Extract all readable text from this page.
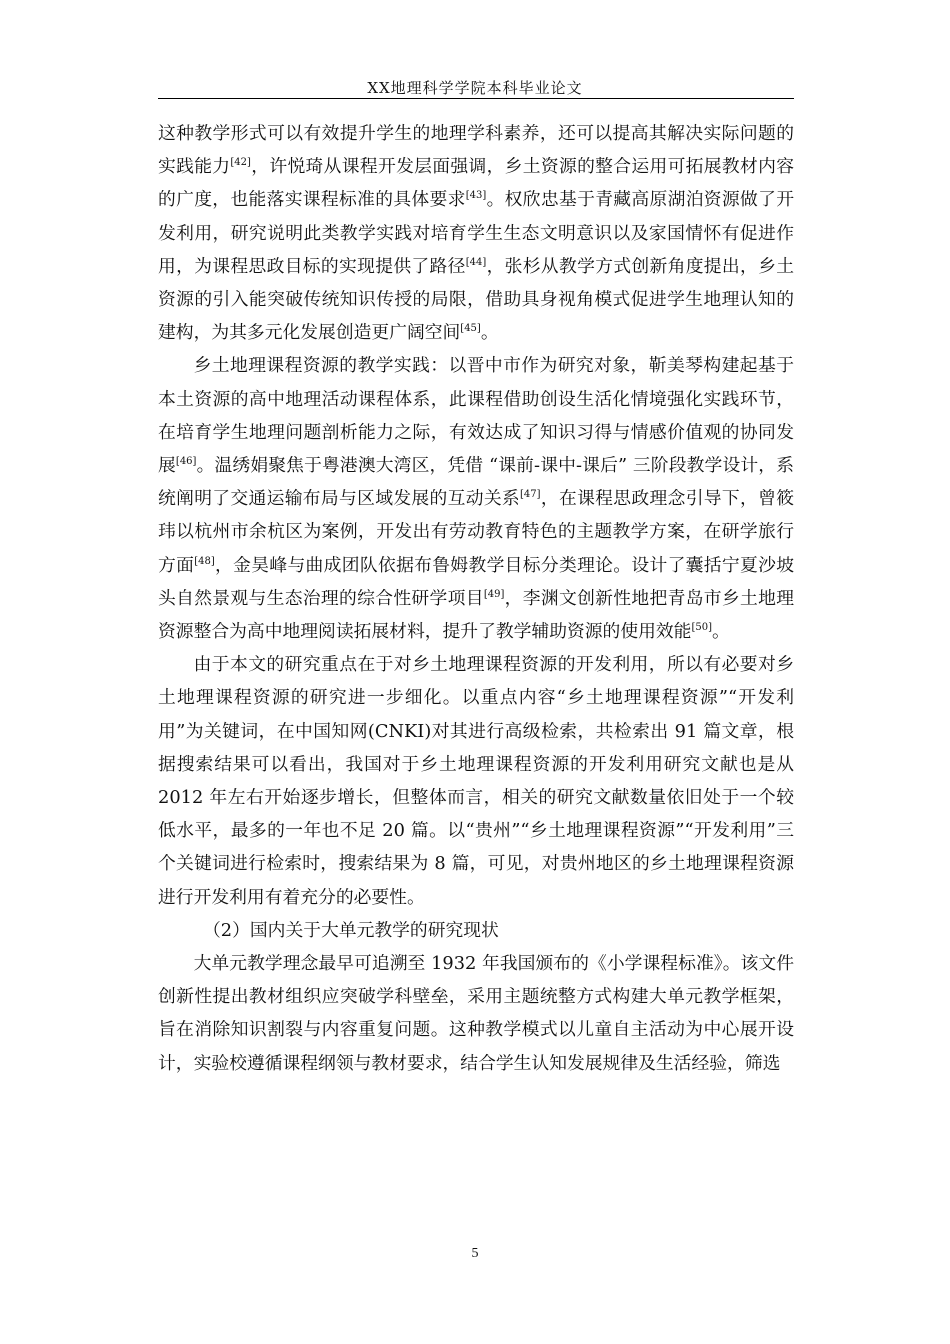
XX地理科学学院本科毕业论文

这种教学形式可以有效提升学生的地理学科素养，还可以提高其解决实际问题的实践能力[42]，许悦琦从课程开发层面强调，乡土资源的整合运用可拓展教材内容的广度，也能落实课程标准的具体要求[43]。权欣忠基于青藏高原湖泊资源做了开发利用，研究说明此类教学实践对培育学生生态文明意识以及家国情怀有促进作用，为课程思政目标的实现提供了路径[44]，张杉从教学方式创新角度提出，乡土资源的引入能突破传统知识传授的局限，借助具身视角模式促进学生地理认知的建构，为其多元化发展创造更广阔空间[45]。

乡土地理课程资源的教学实践：以晋中市作为研究对象，靳美琴构建起基于本土资源的高中地理活动课程体系，此课程借助创设生活化情境强化实践环节，在培育学生地理问题剖析能力之际，有效达成了知识习得与情感价值观的协同发展[46]。温绣娟聚焦于粤港澳大湾区，凭借 “课前-课中-课后” 三阶段教学设计，系统阐明了交通运输布局与区域发展的互动关系[47]，在课程思政理念引导下，曾筱玮以杭州市余杭区为案例，开发出有劳动教育特色的主题教学方案，在研学旅行方面[48]，金昊峰与曲成团队依据布鲁姆教学目标分类理论。设计了囊括宁夏沙坡头自然景观与生态治理的综合性研学项目[49]，李渊文创新性地把青岛市乡土地理资源整合为高中地理阅读拓展材料，提升了教学辅助资源的使用效能[50]。

由于本文的研究重点在于对乡土地理课程资源的开发利用，所以有必要对乡土地理课程资源的研究进一步细化。以重点内容“乡土地理课程资源”“开发利用”为关键词，在中国知网(CNKI)对其进行高级检索，共检索出 91 篇文章，根据搜索结果可以看出，我国对于乡土地理课程资源的开发利用研究文献也是从 2012 年左右开始逐步增长，但整体而言，相关的研究文献数量依旧处于一个较低水平，最多的一年也不足 20 篇。以“贵州”“乡土地理课程资源”“开发利用”三个关键词进行检索时，搜索结果为 8 篇，可见，对贵州地区的乡土地理课程资源进行开发利用有着充分的必要性。

（2）国内关于大单元教学的研究现状

大单元教学理念最早可追溯至 1932 年我国颁布的《小学课程标准》。该文件创新性提出教材组织应突破学科壁垒，采用主题统整方式构建大单元教学框架，旨在消除知识割裂与内容重复问题。这种教学模式以儿童自主活动为中心展开设计，实验校遵循课程纲领与教材要求，结合学生认知发展规律及生活经验，筛选

5
